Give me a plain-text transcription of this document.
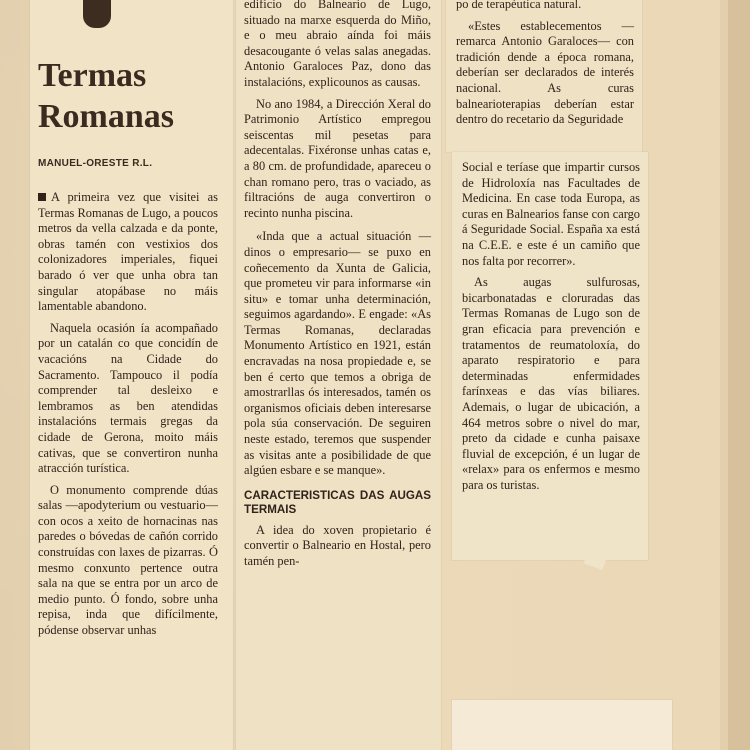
Termas Romanas
MANUEL-ORESTE R.L.

A primeira vez que visitei as Termas Romanas de Lugo, a poucos metros da vella calzada e da ponte, obras tamén con vestixios dos colonizadores imperiales, fiquei barado ó ver que unha obra tan singular atopábase no máis lamentable abandono.

Naquela ocasión ía acompañado por un catalán co que concidín de vacacións na Cidade do Sacramento. Tampouco il podía comprender tal desleixo e lembramos as ben atendidas instalacións termais gregas da cidade de Gerona, moito máis cativas, que se convertiron nunha atracción turística.

O monumento comprende dúas salas —apodyterium ou vestuario— con ocos a xeito de hornacinas nas paredes o bóvedas de cañón corrido construídas con laxes de pizarras. Ó mesmo conxunto pertence outra sala na que se entra por un arco de medio punto. Ó fondo, sobre unha repisa, inda que difícilmente, pódense observar unhas

edificio do Balneario de Lugo, situado na marxe esquerda do Miño, e o meu abraio aínda foi máis desacougante ó velas salas anegadas. Antonio Garaloces Paz, dono das instalacións, explicounos as causas.

No ano 1984, a Dirección Xeral do Patrimonio Artístico empregou seiscentas mil pesetas para adecentalas. Fixéronse unhas catas e, a 80 cm. de profundidade, apareceu o chan romano pero, tras o vaciado, as filtracións de auga convertiron o recinto nunha piscina.

«Inda que a actual situación —dinos o empresario— se puxo en coñecemento da Xunta de Galicia, que prometeu vir para informarse «in situ» e tomar unha determinación, seguimos agardando». E engade: «As Termas Romanas, declaradas Monumento Artístico en 1921, están encravadas na nosa propiedade e, se ben é certo que temos a obriga de amostrarllas ós interesados, tamén os organismos oficiais deben interesarse pola súa conservación. De seguiren neste estado, teremos que suspender as visitas ante a posibilidade de que algúen esbare e se manque».

CARACTERISTICAS DAS AUGAS TERMAIS

A idea do xoven propietario é convertir o Balneario en Hostal, pero tamén pen-

po de terapéutica natural.

«Estes establecementos —remarca Antonio Garaloces— con tradición dende a época romana, deberían ser declarados de interés nacional. As curas balnearioterapias deberían estar dentro do recetario da Seguridade

Social e teríase que impartir cursos de Hidroloxía nas Facultades de Medicina. En case toda Europa, as curas en Balnearios fanse con cargo á Seguridade Social. España xa está na C.E.E. e este é un camiño que nos falta por recorrer».

As augas sulfurosas, bicarbonatadas e cloruradas das Termas Romanas de Lugo son de gran eficacia para prevención e tratamentos de reumatoloxía, do aparato respiratorio e para determinadas enfermidades farínxeas e das vías biliares. Ademais, o lugar de ubicación, a 464 metros sobre o nivel do mar, preto da cidade e cunha paisaxe fluvial de excepción, é un lugar de «relax» para os enfermos e mesmo para os turistas.
